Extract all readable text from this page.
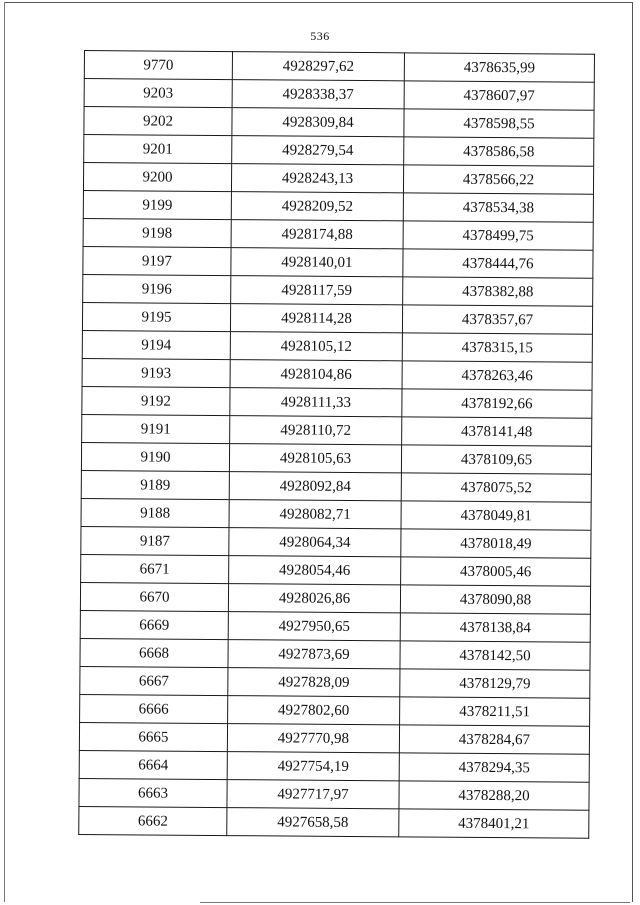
536
9770	4928297,62	4378635,99
9203	4928338,37	4378607,97
9202	4928309,84	4378598,55
9201	4928279,54	4378586,58
9200	4928243,13	4378566,22
9199	4928209,52	4378534,38
9198	4928174,88	4378499,75
9197	4928140,01	4378444,76
9196	4928117,59	4378382,88
9195	4928114,28	4378357,67
9194	4928105,12	4378315,15
9193	4928104,86	4378263,46
9192	4928111,33	4378192,66
9191	4928110,72	4378141,48
9190	4928105,63	4378109,65
9189	4928092,84	4378075,52
9188	4928082,71	4378049,81
9187	4928064,34	4378018,49
6671	4928054,46	4378005,46
6670	4928026,86	4378090,88
6669	4927950,65	4378138,84
6668	4927873,69	4378142,50
6667	4927828,09	4378129,79
6666	4927802,60	4378211,51
6665	4927770,98	4378284,67
6664	4927754,19	4378294,35
6663	4927717,97	4378288,20
6662	4927658,58	4378401,21
